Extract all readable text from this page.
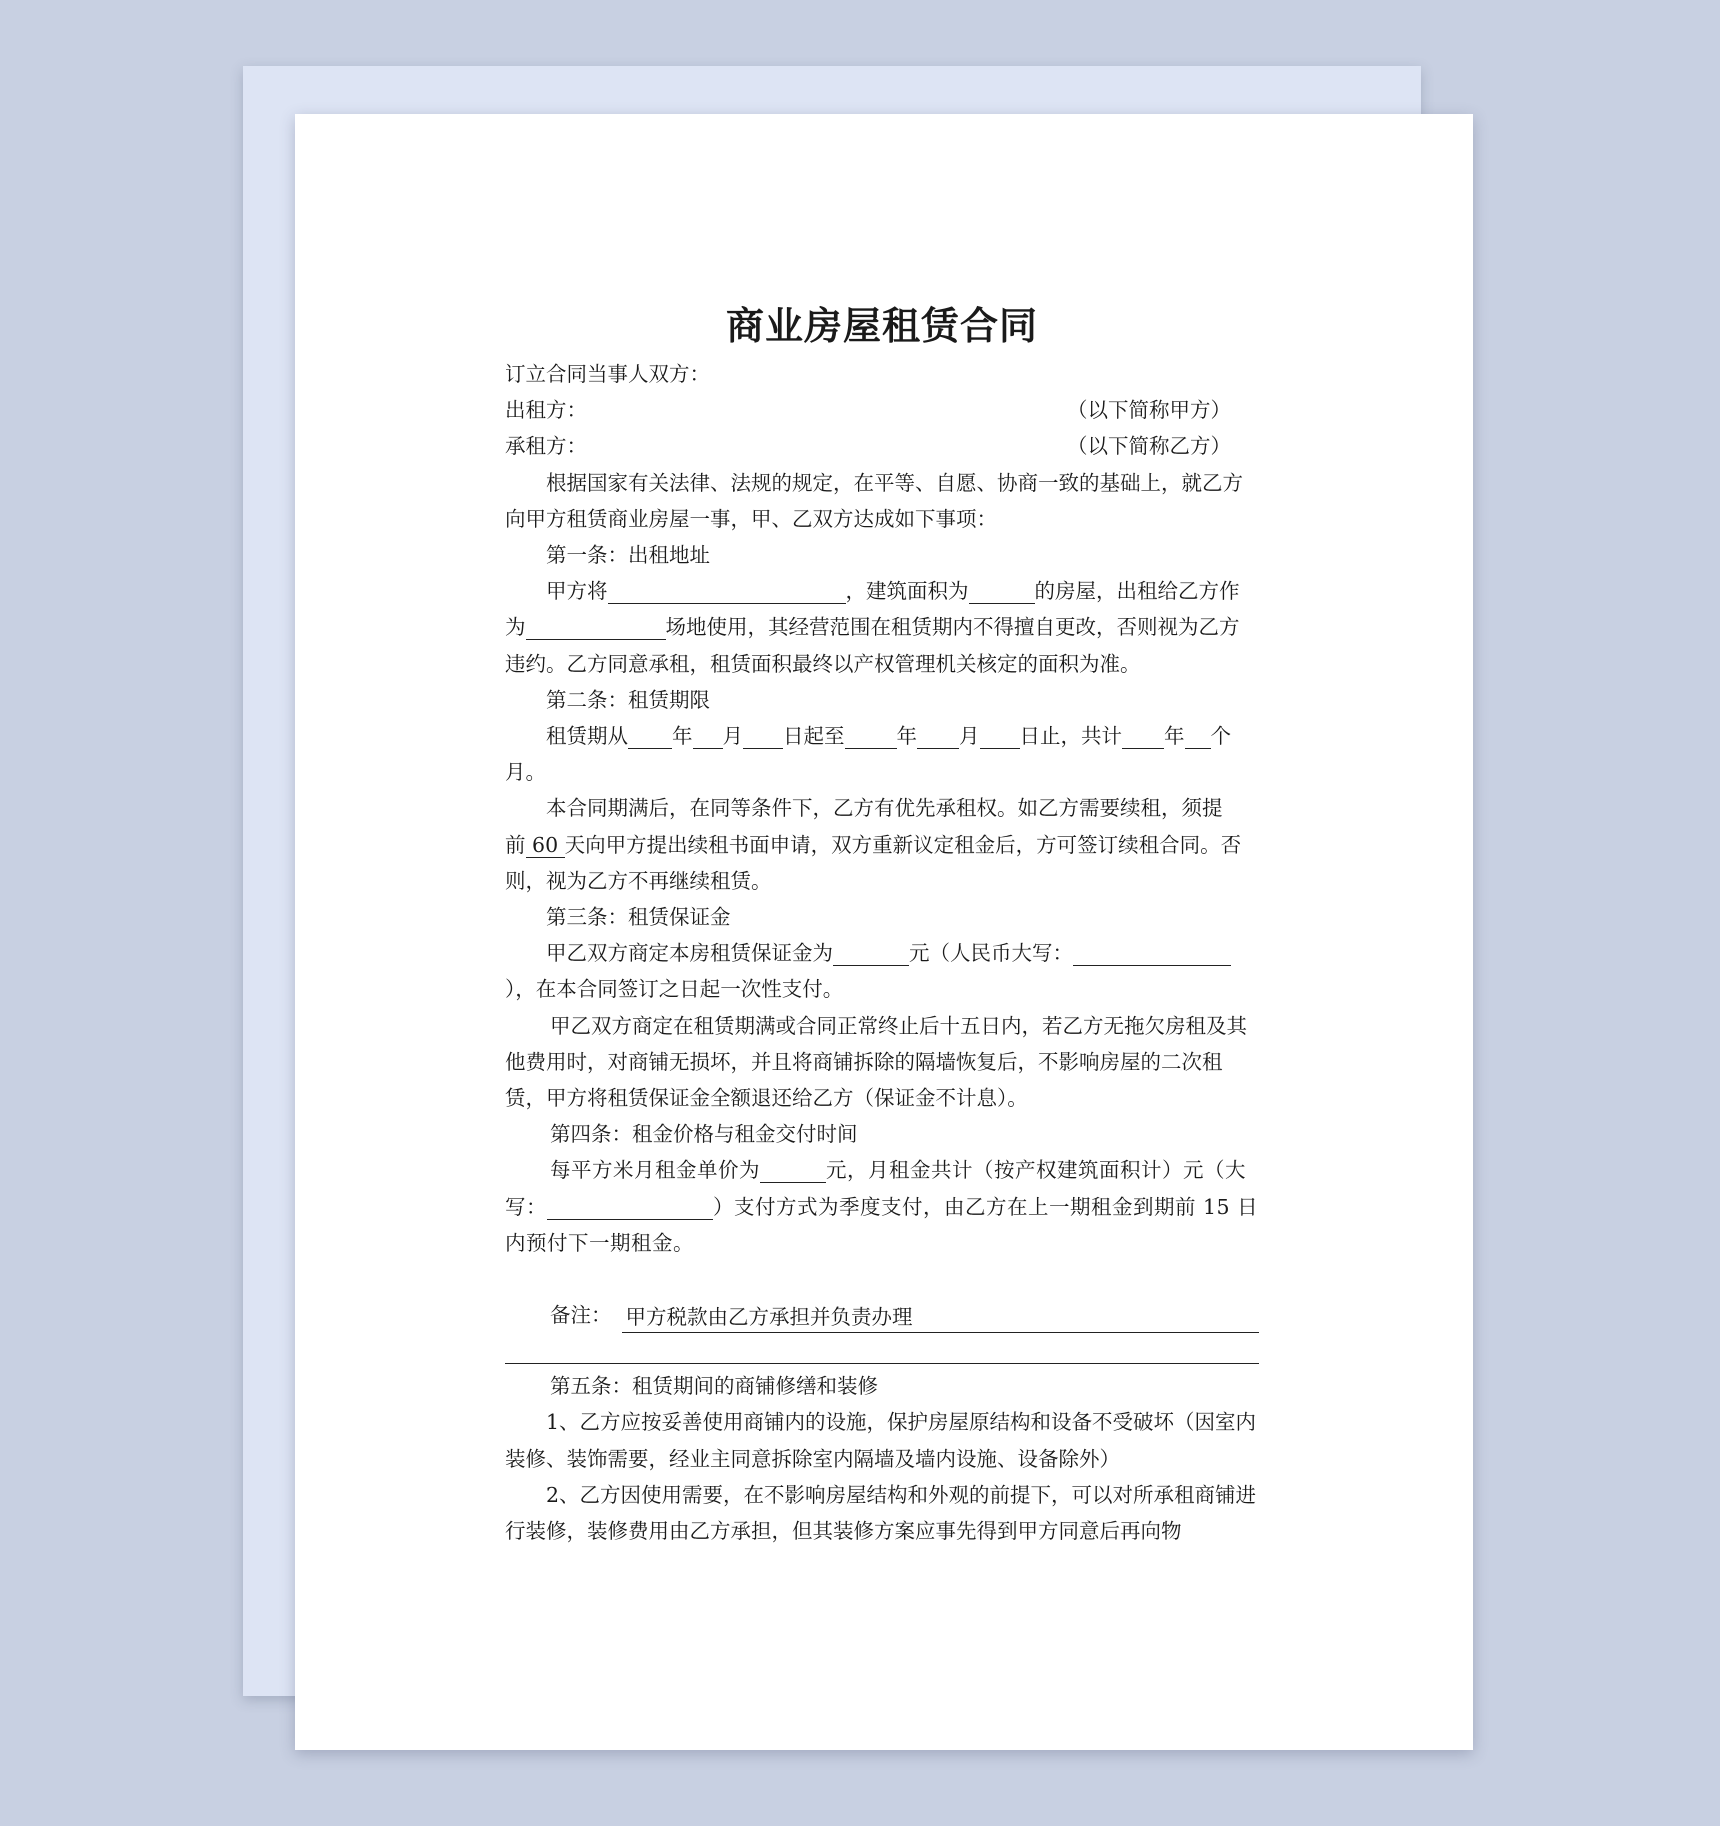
商业房屋租赁合同

订立合同当事人双方：

出租方：	（以下简称甲方）
承租方：	（以下简称乙方）

根据国家有关法律、法规的规定，在平等、自愿、协商一致的基础上，就乙方向甲方租赁商业房屋一事，甲、乙双方达成如下事项：

第一条：出租地址

甲方将	，建筑面积为	的房屋，出租给乙方作为	场地使用，其经营范围在租赁期内不得擅自更改，否则视为乙方违约。乙方同意承租，租赁面积最终以产权管理机关核定的面积为准。

第二条：租赁期限

租赁期从 年 月 日起至	年 月 日止，共计 年 个月。

本合同期满后，在同等条件下，乙方有优先承租权。如乙方需要续租，须提前 60 天向甲方提出续租书面申请，双方重新议定租金后，方可签订续租合同。否则，视为乙方不再继续租赁。

第三条：租赁保证金

甲乙双方商定本房租赁保证金为	元（人民币大写：），在本合同签订之日起一次性支付。

甲乙双方商定在租赁期满或合同正常终止后十五日内，若乙方无拖欠房租及其他费用时，对商铺无损坏，并且将商铺拆除的隔墙恢复后，不影响房屋的二次租赁，甲方将租赁保证金全额退还给乙方（保证金不计息）。

第四条：租金价格与租金交付时间

每平方米月租金单价为	元，月租金共计（按产权建筑面积计）元（大写：	）支付方式为季度支付，由乙方在上一期租金到期前 15 日内预付下一期租金。

备注： 甲方税款由乙方承担并负责办理

第五条：租赁期间的商铺修缮和装修

1、乙方应按妥善使用商铺内的设施，保护房屋原结构和设备不受破坏（因室内装修、装饰需要，经业主同意拆除室内隔墙及墙内设施、设备除外）

2、乙方因使用需要，在不影响房屋结构和外观的前提下，可以对所承租商铺进行装修，装修费用由乙方承担，但其装修方案应事先得到甲方同意后再向物
